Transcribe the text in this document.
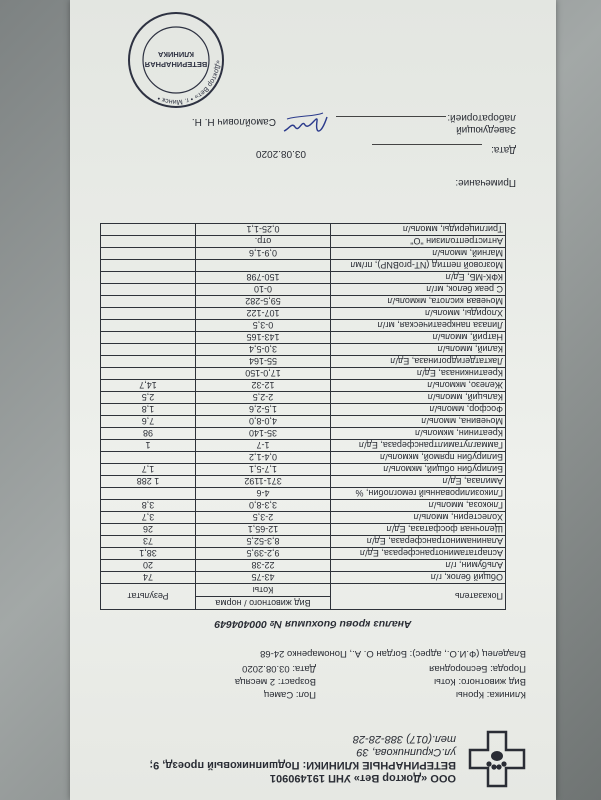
ООО «Доктор Вет» УНП 191490901
ВЕТЕРИНАРНЫЕ КЛИНИКИ: Подшипниковый проезд, 9;
ул.Скрипникова, 39
тел.(017) 388-28-28
Клиника: Кроны
Пол: Самец
Вид животного: Коты
Возраст: 2 месяца
Порода: Беспородная
Дата: 03.08.2020
Владелец (Ф.И.О., адрес): Богдан О. А., Пономаренко 24-68
Анализ крови биохимия № 000404649
Показатель	Вид животного / норма	Результат
	Коты	
Общий белок, г/л	43-75	74
Альбумин, г/л	22-38	20
Аспартатаминотрансфераза, Ед/л	9,2-39,5	38,1
Аланинаминотрансфераза, Ед/л	8,3-52,5	73
Щелочная фосфатаза, Ед/л	12-65,1	26
Холестерин, ммоль/л	2-3,5	3,7
Глюкоза, ммоль/л	3,3-8,0	3,8
Гликозилированный гемоглобин, %	4-6	
Амилаза, Ед/л	371-1192	1 288
Билирубин общий, мкмоль/л	1,7-5,1	1,7
Билирубин прямой, мкмоль/л	0,4-1,2	
Гаммаглутамилтрансфераза, Ед/л	1-7	1
Креатинин, мкмоль/л	35-140	98
Мочевина, ммоль/л	4,0-8,0	7,6
Фосфор, ммоль/л	1,5-2,6	1,8
Кальций, ммоль/л	2-2,5	2,5
Железо, мкмоль/л	12-32	14,7
Креатинкиназа, Ед/л	17,0-150	
Лактатдегидрогиназа, Ед/л	55-164	
Калий, ммоль/л	3,0-5,4	
Натрий, ммоль/л	143-165	
Липаза панкреатическая, мг/л	0-3,5	
Хлориды, ммоль/л	107-122	
Мочевая кислота, мкмоль/л	59,5-282	
С реак белок, мг/л	0-10	
КФК-МБ, Ед/л	150-798	
Мозговой пептид (NT-proBNP), пг/мл		
Магний, ммоль/л	0,9-1,6	
Антистрептолизин "О"	отр.	
Триглицериды, ммоль/л	0,25-1,1	
Примечание:
Дата:
03.08.2020
Заведующий
лабораторией:
Самойлович Н. Н.
«Доктор Вет» • г. Минск •
ВЕТЕРИНАРНАЯ
КЛИНИКА
